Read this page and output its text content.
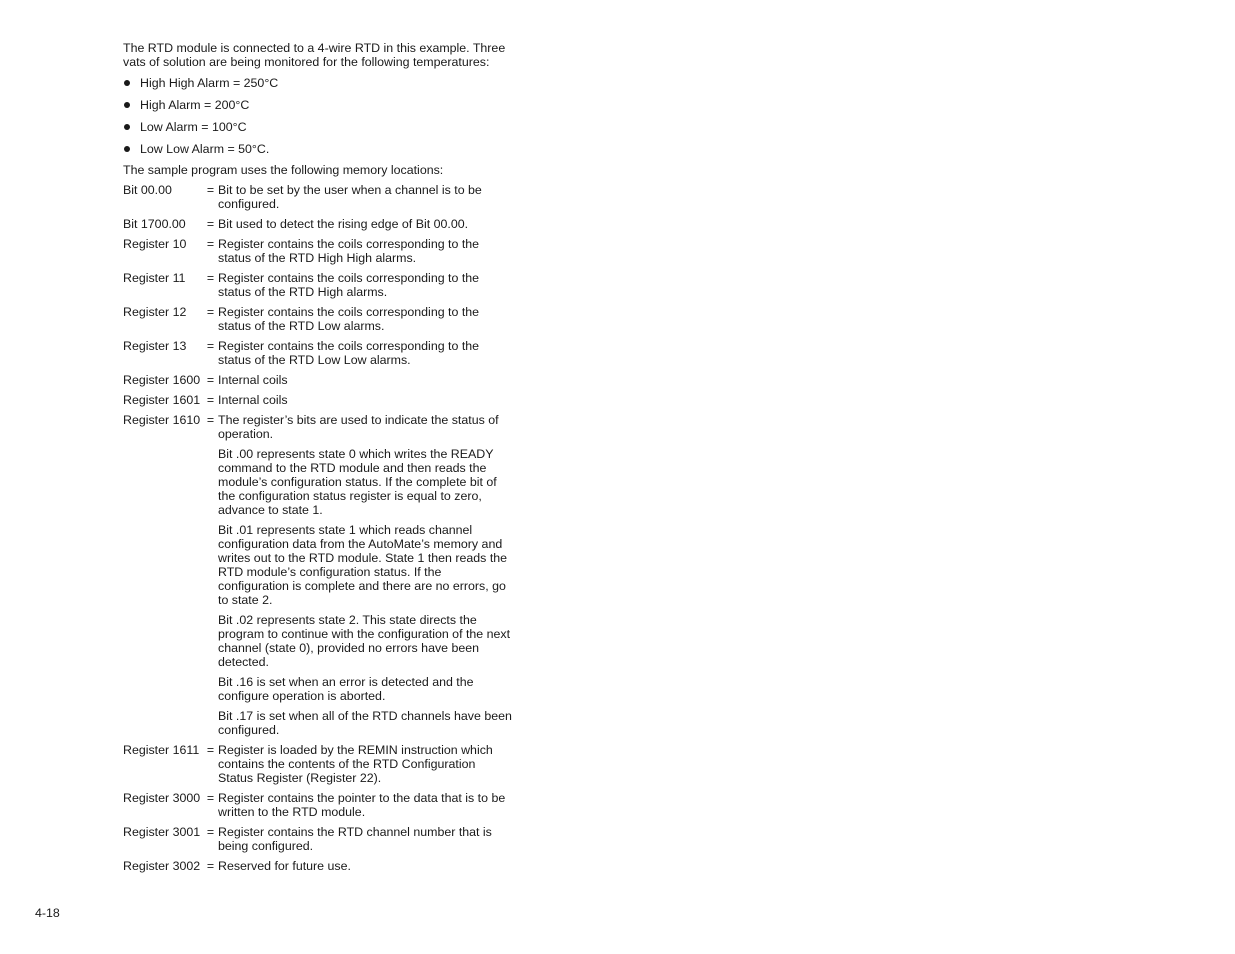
The RTD module is connected to a 4-wire RTD in this example. Three vats of solution are being monitored for the following temperatures:

High High Alarm = 250°C
High Alarm = 200°C
Low Alarm = 100°C
Low Low Alarm = 50°C.

The sample program uses the following memory locations:

Bit 00.00	= Bit to be set by the user when a channel is to be configured.

Bit 1700.00	= Bit used to detect the rising edge of Bit 00.00.

Register 10	= Register contains the coils corresponding to the status of the RTD High High alarms.

Register 11	= Register contains the coils corresponding to the status of the RTD High alarms.

Register 12	= Register contains the coils corresponding to the status of the RTD Low alarms.

Register 13	= Register contains the coils corresponding to the status of the RTD Low Low alarms.

Register 1600 = Internal coils

Register 1601 = Internal coils

Register 1610 = The register’s bits are used to indicate the status of operation.

Bit .00 represents state 0 which writes the READY command to the RTD module and then reads the module’s configuration status. If the complete bit of the configuration status register is equal to zero, advance to state 1.

Bit .01 represents state 1 which reads channel configuration data from the AutoMate’s memory and writes out to the RTD module. State 1 then reads the RTD module’s configuration status. If the configuration is complete and there are no errors, go to state 2.

Bit .02 represents state 2. This state directs the program to continue with the configuration of the next channel (state 0), provided no errors have been detected.

Bit .16 is set when an error is detected and the configure operation is aborted.

Bit .17 is set when all of the RTD channels have been configured.

Register 1611 = Register is loaded by the REMIN instruction which contains the contents of the RTD Configuration Status Register (Register 22).

Register 3000 = Register contains the pointer to the data that is to be written to the RTD module.

Register 3001 = Register contains the RTD channel number that is being configured.

Register 3002 = Reserved for future use.

4-18
